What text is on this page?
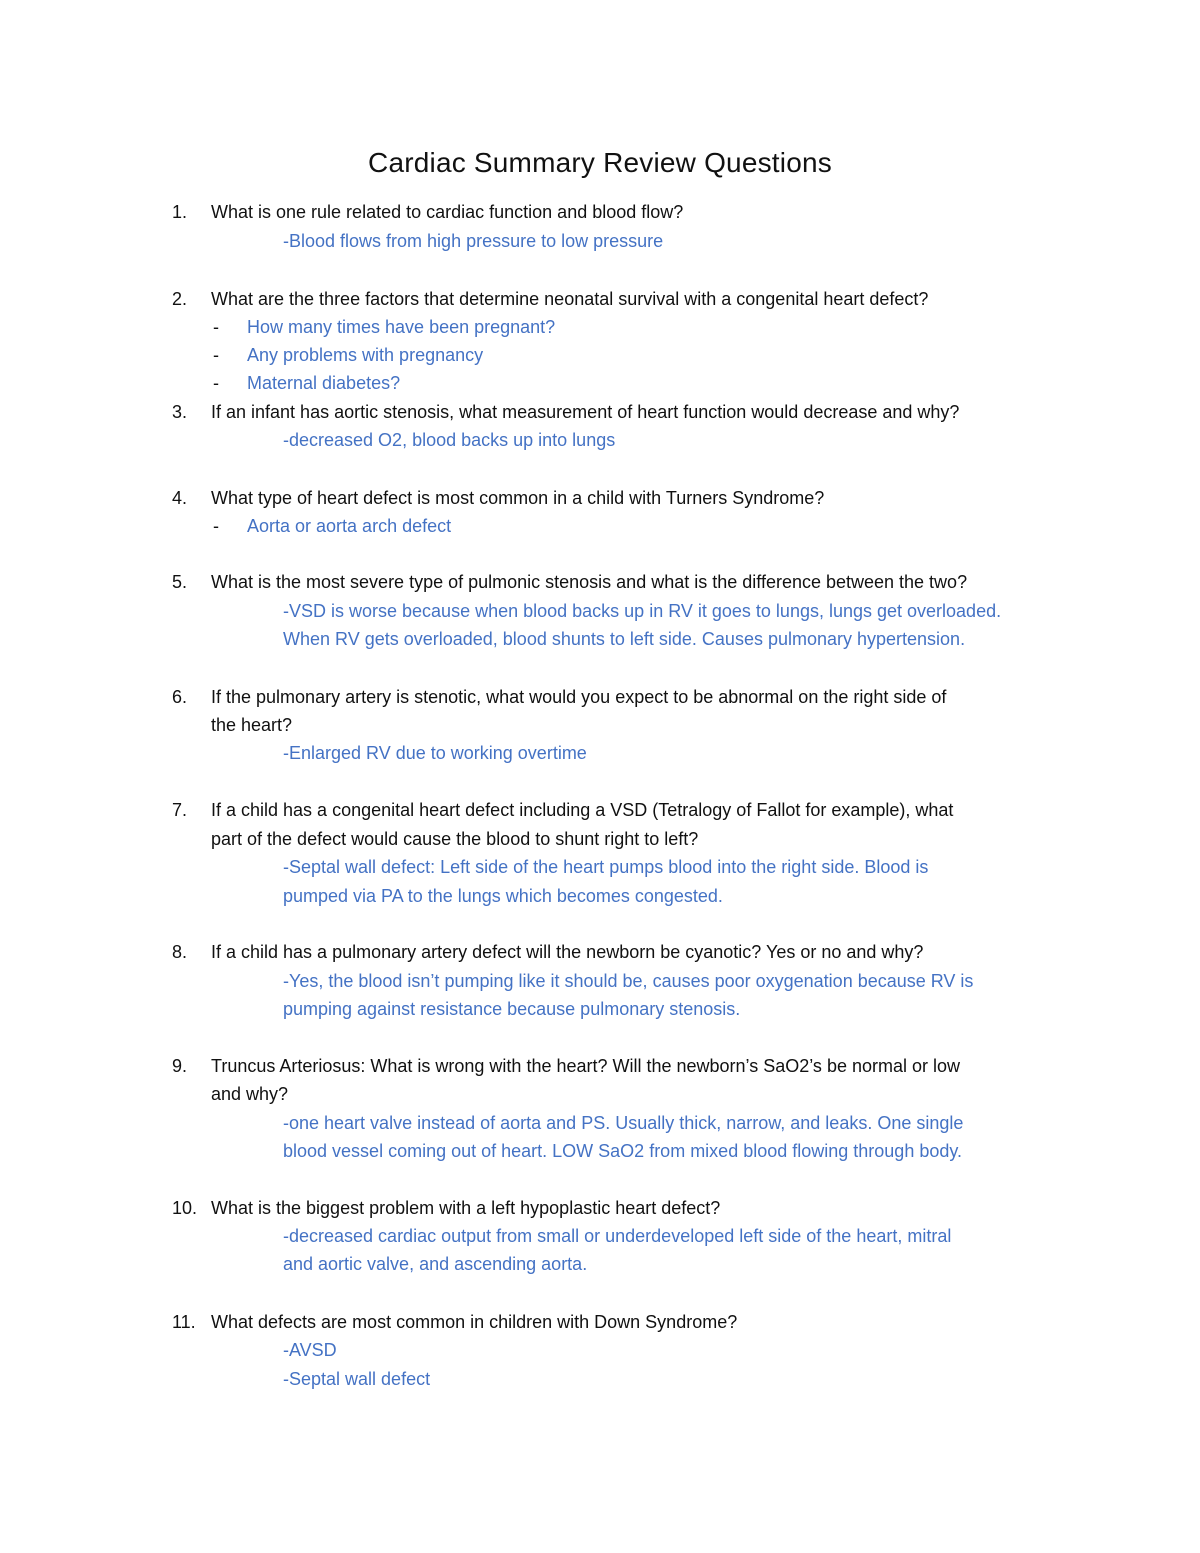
Cardiac Summary Review Questions
1. What is one rule related to cardiac function and blood flow?
-Blood flows from high pressure to low pressure
2. What are the three factors that determine neonatal survival with a congenital heart defect?
- How many times have been pregnant?
- Any problems with pregnancy
- Maternal diabetes?
3. If an infant has aortic stenosis, what measurement of heart function would decrease and why?
-decreased O2, blood backs up into lungs
4. What type of heart defect is most common in a child with Turners Syndrome?
- Aorta or aorta arch defect
5. What is the most severe type of pulmonic stenosis and what is the difference between the two?
-VSD is worse because when blood backs up in RV it goes to lungs, lungs get overloaded.
When RV gets overloaded, blood shunts to left side. Causes pulmonary hypertension.
6. If the pulmonary artery is stenotic, what would you expect to be abnormal on the right side of
the heart?
-Enlarged RV due to working overtime
7. If a child has a congenital heart defect including a VSD (Tetralogy of Fallot for example), what
part of the defect would cause the blood to shunt right to left?
-Septal wall defect: Left side of the heart pumps blood into the right side. Blood is
pumped via PA to the lungs which becomes congested.
8. If a child has a pulmonary artery defect will the newborn be cyanotic? Yes or no and why?
-Yes, the blood isn’t pumping like it should be, causes poor oxygenation because RV is
pumping against resistance because pulmonary stenosis.
9. Truncus Arteriosus: What is wrong with the heart? Will the newborn’s SaO2’s be normal or low
and why?
-one heart valve instead of aorta and PS. Usually thick, narrow, and leaks. One single
blood vessel coming out of heart. LOW SaO2 from mixed blood flowing through body.
10. What is the biggest problem with a left hypoplastic heart defect?
-decreased cardiac output from small or underdeveloped left side of the heart, mitral
and aortic valve, and ascending aorta.
11. What defects are most common in children with Down Syndrome?
-AVSD
-Septal wall defect
